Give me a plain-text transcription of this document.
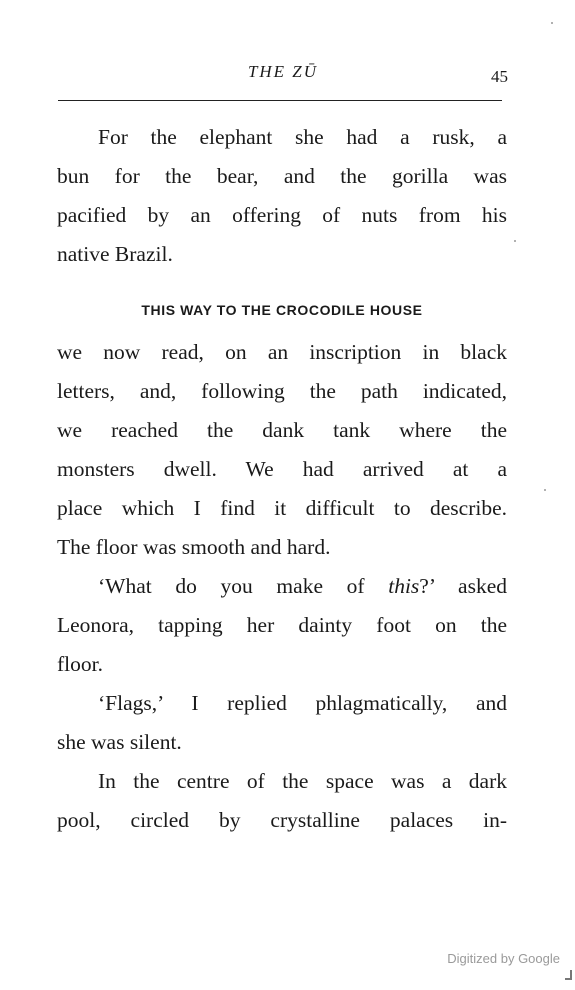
THE ZŪ	45

For the elephant she had a rusk, a
bun for the bear, and the gorilla was
pacified by an offering of nuts from his
native Brazil.

THIS WAY TO THE CROCODILE HOUSE

we now read, on an inscription in black
letters, and, following the path indicated,
we reached the dank tank where the
monsters dwell. We had arrived at a
place which I find it difficult to describe.
The floor was smooth and hard.

‘What do you make of this?’ asked
Leonora, tapping her dainty foot on the
floor.

‘Flags,’ I replied phlagmatically, and
she was silent.

In the centre of the space was a dark
pool, circled by crystalline palaces in-

Digitized by Google
